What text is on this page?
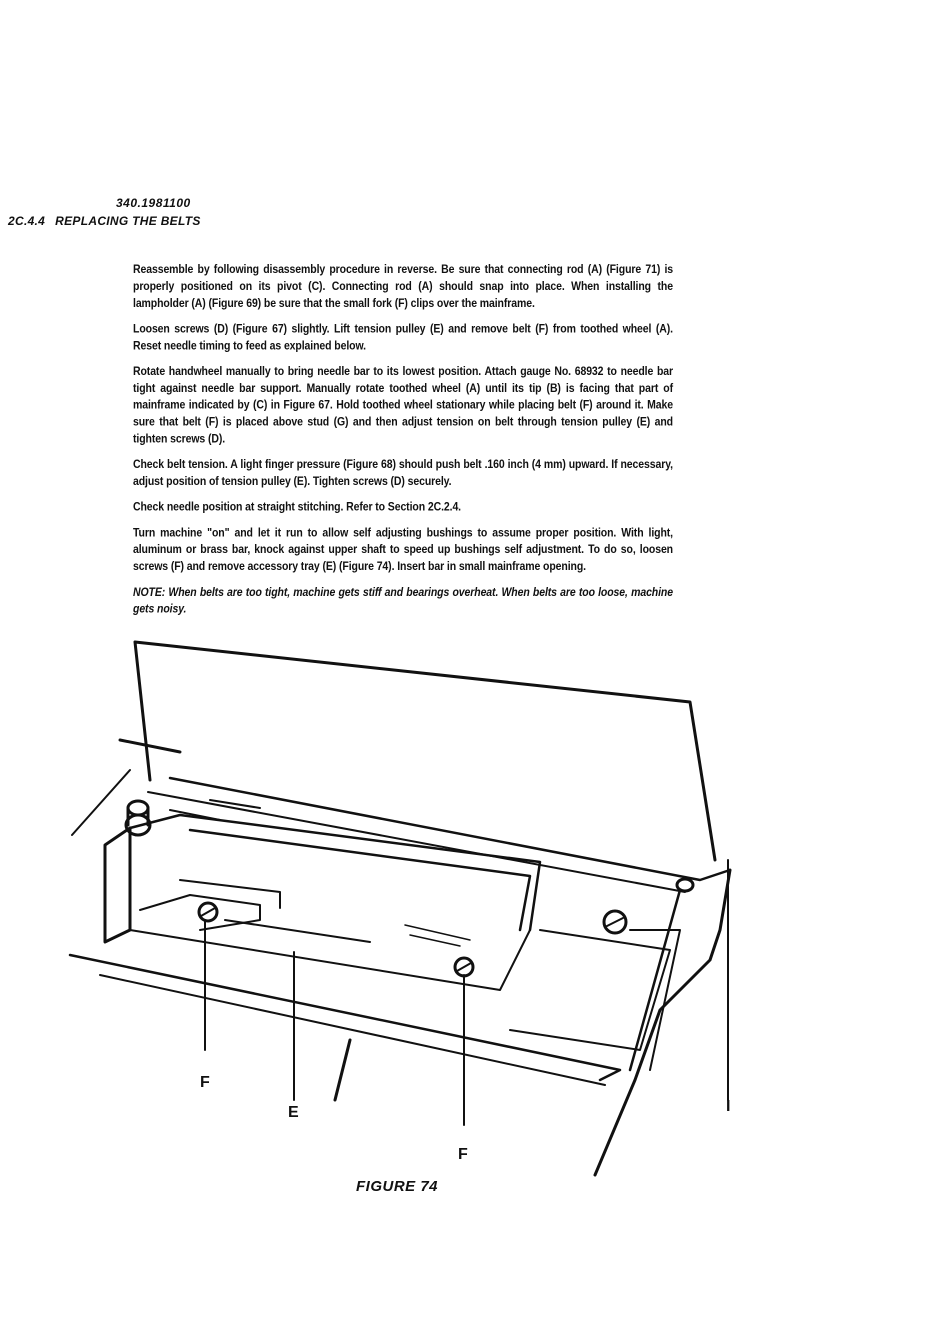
340.1981100
2C.4.4 REPLACING THE BELTS

Reassemble by following disassembly procedure in reverse. Be sure that connecting rod (A) (Figure 71) is properly positioned on its pivot (C). Connecting rod (A) should snap into place. When installing the lampholder (A) (Figure 69) be sure that the small fork (F) clips over the mainframe.

Loosen screws (D) (Figure 67) slightly. Lift tension pulley (E) and remove belt (F) from toothed wheel (A). Reset needle timing to feed as explained below.

Rotate handwheel manually to bring needle bar to its lowest position. Attach gauge No. 68932 to needle bar tight against needle bar support. Manually rotate toothed wheel (A) until its tip (B) is facing that part of mainframe indicated by (C) in Figure 67. Hold toothed wheel stationary while placing belt (F) around it. Make sure that belt (F) is placed above stud (G) and then adjust tension on belt through tension pulley (E) and tighten screws (D).

Check belt tension. A light finger pressure (Figure 68) should push belt .160 inch (4 mm) upward. If necessary, adjust position of tension pulley (E). Tighten screws (D) securely.

Check needle position at straight stitching. Refer to Section 2C.2.4.

Turn machine "on" and let it run to allow self adjusting bushings to assume proper position. With light, aluminum or brass bar, knock against upper shaft to speed up bushings self adjustment. To do so, loosen screws (F) and remove accessory tray (E) (Figure 74). Insert bar in small mainframe opening.

NOTE: When belts are too tight, machine gets stiff and bearings overheat. When belts are too loose, machine gets noisy.

F
E
F
I
FIGURE 74
